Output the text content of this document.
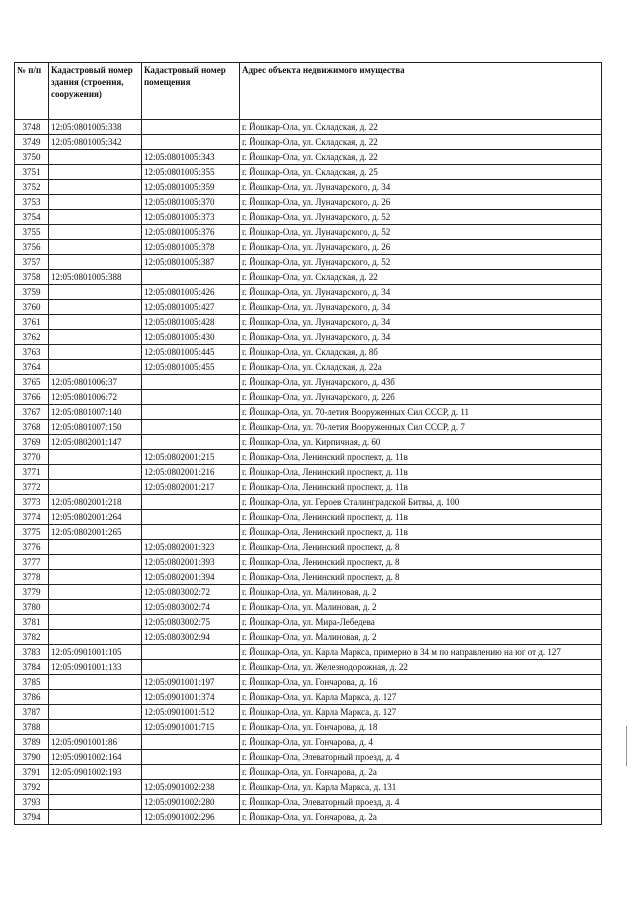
№ п/п	Кадастровый номер здания (строения, сооружения)	Кадастровый номер помещения	Адрес объекта недвижимого имущества
3748	12:05:0801005:338		г. Йошкар-Ола, ул. Складская, д. 22
3749	12:05:0801005:342		г. Йошкар-Ола, ул. Складская, д. 22
3750		12:05:0801005:343	г. Йошкар-Ола, ул. Складская, д. 22
3751		12:05:0801005:355	г. Йошкар-Ола, ул. Складская, д. 25
3752		12:05:0801005:359	г. Йошкар-Ола, ул. Луначарского, д. 34
3753		12:05:0801005:370	г. Йошкар-Ола, ул. Луначарского, д. 26
3754		12:05:0801005:373	г. Йошкар-Ола, ул. Луначарского, д. 52
3755		12:05:0801005:376	г. Йошкар-Ола, ул. Луначарского, д. 52
3756		12:05:0801005:378	г. Йошкар-Ола, ул. Луначарского, д. 26
3757		12:05:0801005:387	г. Йошкар-Ола, ул. Луначарского, д. 52
3758	12:05:0801005:388		г. Йошкар-Ола, ул. Складская, д. 22
3759		12:05:0801005:426	г. Йошкар-Ола, ул. Луначарского, д. 34
3760		12:05:0801005:427	г. Йошкар-Ола, ул. Луначарского, д. 34
3761		12:05:0801005:428	г. Йошкар-Ола, ул. Луначарского, д. 34
3762		12:05:0801005:430	г. Йошкар-Ола, ул. Луначарского, д. 34
3763		12:05:0801005:445	г. Йошкар-Ола, ул. Складская, д. 8б
3764		12:05:0801005:455	г. Йошкар-Ола, ул. Складская, д. 22а
3765	12:05:0801006:37		г. Йошкар-Ола, ул. Луначарского, д. 43б
3766	12:05:0801006:72		г. Йошкар-Ола, ул. Луначарского, д. 22б
3767	12:05:0801007:140		г. Йошкар-Ола, ул. 70-летия Вооруженных Сил СССР, д. 11
3768	12:05:0801007:150		г. Йошкар-Ола, ул. 70-летия Вооруженных Сил СССР, д. 7
3769	12:05:0802001:147		г. Йошкар-Ола, ул. Кирпичная, д. 60
3770		12:05:0802001:215	г. Йошкар-Ола, Ленинский проспект, д. 11в
3771		12:05:0802001:216	г. Йошкар-Ола, Ленинский проспект, д. 11в
3772		12:05:0802001:217	г. Йошкар-Ола, Ленинский проспект, д. 11в
3773	12:05:0802001:218		г. Йошкар-Ола, ул. Героев Сталинградской Битвы, д. 100
3774	12:05:0802001:264		г. Йошкар-Ола, Ленинский проспект, д. 11в
3775	12:05:0802001:265		г. Йошкар-Ола, Ленинский проспект, д. 11в
3776		12:05:0802001:323	г. Йошкар-Ола, Ленинский проспект, д. 8
3777		12:05:0802001:393	г. Йошкар-Ола, Ленинский проспект, д. 8
3778		12:05:0802001:394	г. Йошкар-Ола, Ленинский проспект, д. 8
3779		12:05:0803002:72	г. Йошкар-Ола, ул. Малиновая, д. 2
3780		12:05:0803002:74	г. Йошкар-Ола, ул. Малиновая, д. 2
3781		12:05:0803002:75	г. Йошкар-Ола, ул. Мира-Лебедева
3782		12:05:0803002:94	г. Йошкар-Ола, ул. Малиновая, д. 2
3783	12:05:0901001:105		г. Йошкар-Ола, ул. Карла Маркса, примерно в 34 м по направлению на юг от д. 127
3784	12:05:0901001:133		г. Йошкар-Ола, ул. Железнодорожная, д. 22
3785		12:05:0901001:197	г. Йошкар-Ола, ул. Гончарова, д. 16
3786		12:05:0901001:374	г. Йошкар-Ола, ул. Карла Маркса, д. 127
3787		12:05:0901001:512	г. Йошкар-Ола, ул. Карла Маркса, д. 127
3788		12:05:0901001:715	г. Йошкар-Ола, ул. Гончарова, д. 18
3789	12:05:0901001:86		г. Йошкар-Ола, ул. Гончарова, д. 4
3790	12:05:0901002:164		г. Йошкар-Ола, Элеваторный проезд, д. 4
3791	12:05:0901002:193		г. Йошкар-Ола, ул. Гончарова, д. 2а
3792		12:05:0901002:238	г. Йошкар-Ола, ул. Карла Маркса, д. 131
3793		12:05:0901002:280	г. Йошкар-Ола, Элеваторный проезд, д. 4
3794		12:05:0901002:296	г. Йошкар-Ола, ул. Гончарова, д. 2а
